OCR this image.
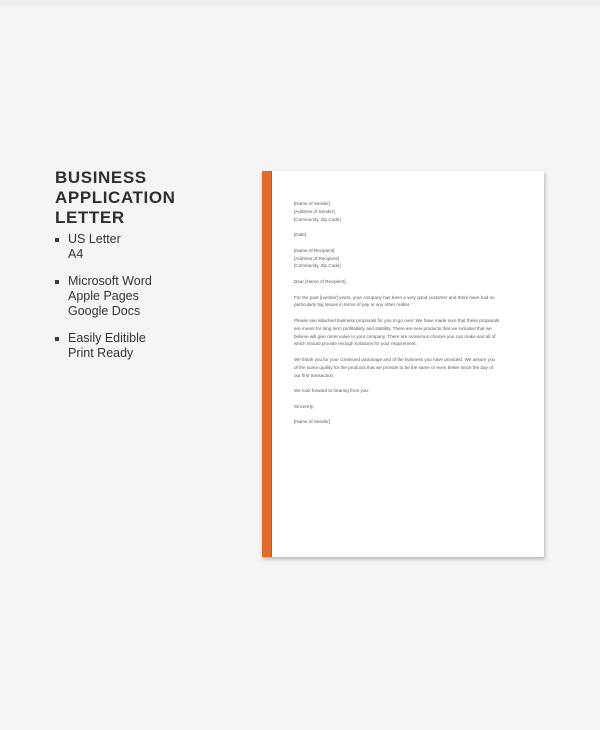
BUSINESS APPLICATION
LETTER
US Letter
A4
Microsoft Word
Apple Pages
Google Docs
Easily Editible
Print Ready
[Name of Sender]
[Address of Sender]
[Community, Zip Code]
[Date]
[Name of Recipient]
[Address of Recipient]
[Community, Zip Code]
Dear [Name of Recipient],
For the past [number] years, your company has been a very good customer and there have had no
particularly big issues in terms of pay or any other matter.
Please see attached business proposals for you to go over. We have made sure that these proposals
are meant for long term profitability and stability. There are new products that we included that we
believe will give more value to your company. There are numerous choices you can make and all of
which should provide enough solutions for your requirement.
We thank you for your continued patronage and of the business you have provided. We assure you
of the same quality for the products that we provide to be the same or even better since the day of
our first transaction.
We look forward to hearing from you.
Sincerely,
[Name of Sender]
